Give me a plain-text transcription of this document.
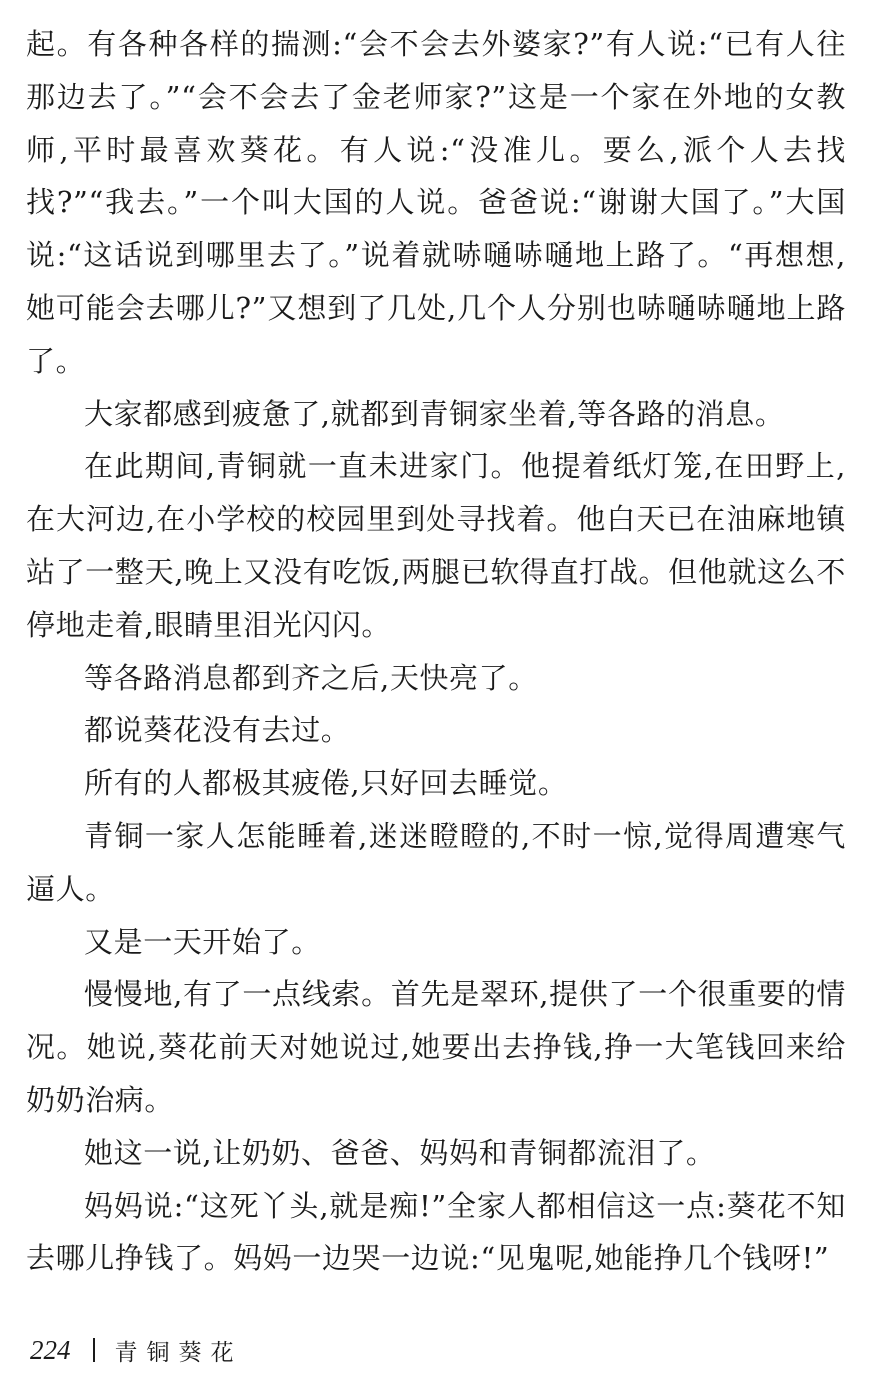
起。有各种各样的揣测:“会不会去外婆家?”有人说:“已有人往那边去了。”“会不会去了金老师家?”这是一个家在外地的女教师,平时最喜欢葵花。有人说:“没准儿。要么,派个人去找找?”“我去。”一个叫大国的人说。爸爸说:“谢谢大国了。”大国说:“这话说到哪里去了。”说着就哧嗵哧嗵地上路了。“再想想,她可能会去哪儿?”又想到了几处,几个人分别也哧嗵哧嗵地上路了。

大家都感到疲惫了,就都到青铜家坐着,等各路的消息。

在此期间,青铜就一直未进家门。他提着纸灯笼,在田野上,在大河边,在小学校的校园里到处寻找着。他白天已在油麻地镇站了一整天,晚上又没有吃饭,两腿已软得直打战。但他就这么不停地走着,眼睛里泪光闪闪。

等各路消息都到齐之后,天快亮了。

都说葵花没有去过。

所有的人都极其疲倦,只好回去睡觉。

青铜一家人怎能睡着,迷迷瞪瞪的,不时一惊,觉得周遭寒气逼人。

又是一天开始了。

慢慢地,有了一点线索。首先是翠环,提供了一个很重要的情况。她说,葵花前天对她说过,她要出去挣钱,挣一大笔钱回来给奶奶治病。

她这一说,让奶奶、爸爸、妈妈和青铜都流泪了。

妈妈说:“这死丫头,就是痴!”全家人都相信这一点:葵花不知去哪儿挣钱了。妈妈一边哭一边说:“见鬼呢,她能挣几个钱呀!”

224 青铜葵花
